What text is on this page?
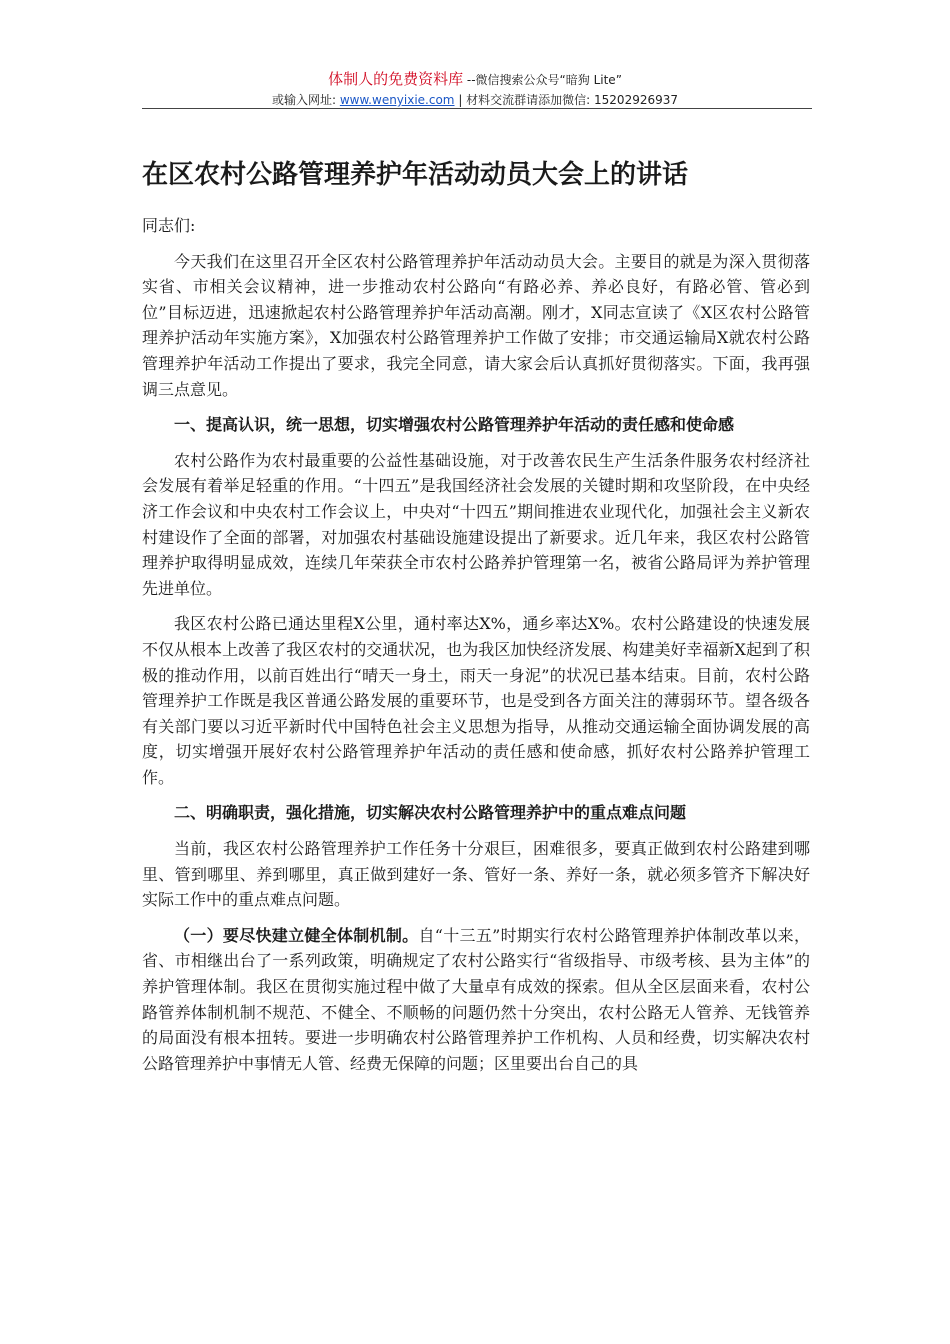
体制人的免费资料库 --微信搜索公众号“暗狗 Lite”
或输入网址: www.wenyixie.com | 材料交流群请添加微信: 15202926937
在区农村公路管理养护年活动动员大会上的讲话

同志们:

今天我们在这里召开全区农村公路管理养护年活动动员大会。主要目的就是为深入贯彻落实省、市相关会议精神，进一步推动农村公路向“有路必养、养必良好，有路必管、管必到位”目标迈进，迅速掀起农村公路管理养护年活动高潮。刚才，X同志宣读了《X区农村公路管理养护活动年实施方案》，X加强农村公路管理养护工作做了安排；市交通运输局X就农村公路管理养护年活动工作提出了要求，我完全同意，请大家会后认真抓好贯彻落实。下面，我再强调三点意见。

一、提高认识，统一思想，切实增强农村公路管理养护年活动的责任感和使命感

农村公路作为农村最重要的公益性基础设施，对于改善农民生产生活条件服务农村经济社会发展有着举足轻重的作用。“十四五”是我国经济社会发展的关键时期和攻坚阶段，在中央经济工作会议和中央农村工作会议上，中央对“十四五”期间推进农业现代化，加强社会主义新农村建设作了全面的部署，对加强农村基础设施建设提出了新要求。近几年来，我区农村公路管理养护取得明显成效，连续几年荣获全市农村公路养护管理第一名，被省公路局评为养护管理先进单位。

我区农村公路已通达里程X公里，通村率达X%，通乡率达X%。农村公路建设的快速发展不仅从根本上改善了我区农村的交通状况，也为我区加快经济发展、构建美好幸福新X起到了积极的推动作用，以前百姓出行“晴天一身土，雨天一身泥”的状况已基本结束。目前，农村公路管理养护工作既是我区普通公路发展的重要环节，也是受到各方面关注的薄弱环节。望各级各有关部门要以习近平新时代中国特色社会主义思想为指导，从推动交通运输全面协调发展的高度，切实增强开展好农村公路管理养护年活动的责任感和使命感，抓好农村公路养护管理工作。

二、明确职责，强化措施，切实解决农村公路管理养护中的重点难点问题

当前，我区农村公路管理养护工作任务十分艰巨，困难很多，要真正做到农村公路建到哪里、管到哪里、养到哪里，真正做到建好一条、管好一条、养好一条，就必须多管齐下解决好实际工作中的重点难点问题。

（一）要尽快建立健全体制机制。自“十三五”时期实行农村公路管理养护体制改革以来，省、市相继出台了一系列政策，明确规定了农村公路实行“省级指导、市级考核、县为主体”的养护管理体制。我区在贯彻实施过程中做了大量卓有成效的探索。但从全区层面来看，农村公路管养体制机制不规范、不健全、不顺畅的问题仍然十分突出，农村公路无人管养、无钱管养的局面没有根本扭转。要进一步明确农村公路管理养护工作机构、人员和经费，切实解决农村公路管理养护中事情无人管、经费无保障的问题；区里要出台自己的具
